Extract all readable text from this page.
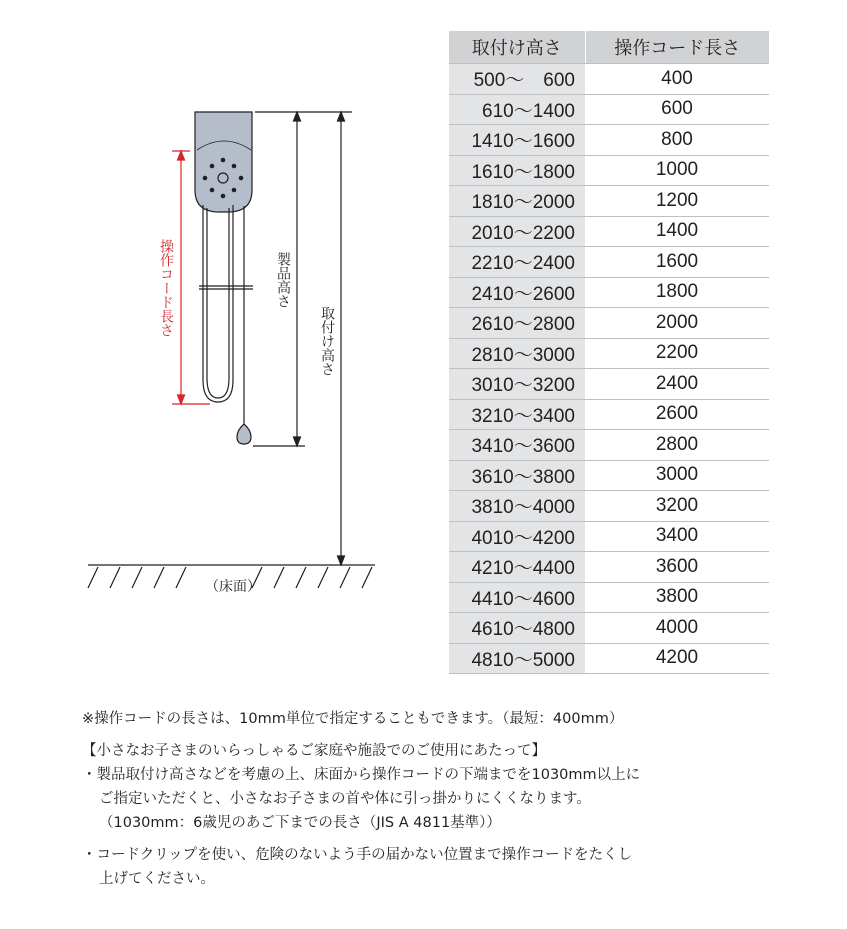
操作コード長さ	製品高さ
取付け高さ
（床面）
取付け高さ	操作コード長さ
500～　600	400
610～1400	600
1410～1600	800
1610～1800	1000
1810～2000	1200
2010～2200	1400
2210～2400	1600
2410～2600	1800
2610～2800	2000
2810～3000	2200
3010～3200	2400
3210～3400	2600
3410～3600	2800
3610～3800	3000
3810～4000	3200
4010～4200	3400
4210～4400	3600
4410～4600	3800
4610～4800	4000
4810～5000	4200

※操作コードの長さは、10mm単位で指定することもできます。（最短：400mm）

【小さなお子さまのいらっしゃるご家庭や施設でのご使用にあたって】

・製品取付け高さなどを考慮の上、床面から操作コードの下端までを1030mm以上に

ご指定いただくと、小さなお子さまの首や体に引っ掛かりにくくなります。

（1030mm：6歳児のあご下までの長さ（JIS A 4811基準））

・コードクリップを使い、危険のないよう手の届かない位置まで操作コードをたくし

上げてください。
